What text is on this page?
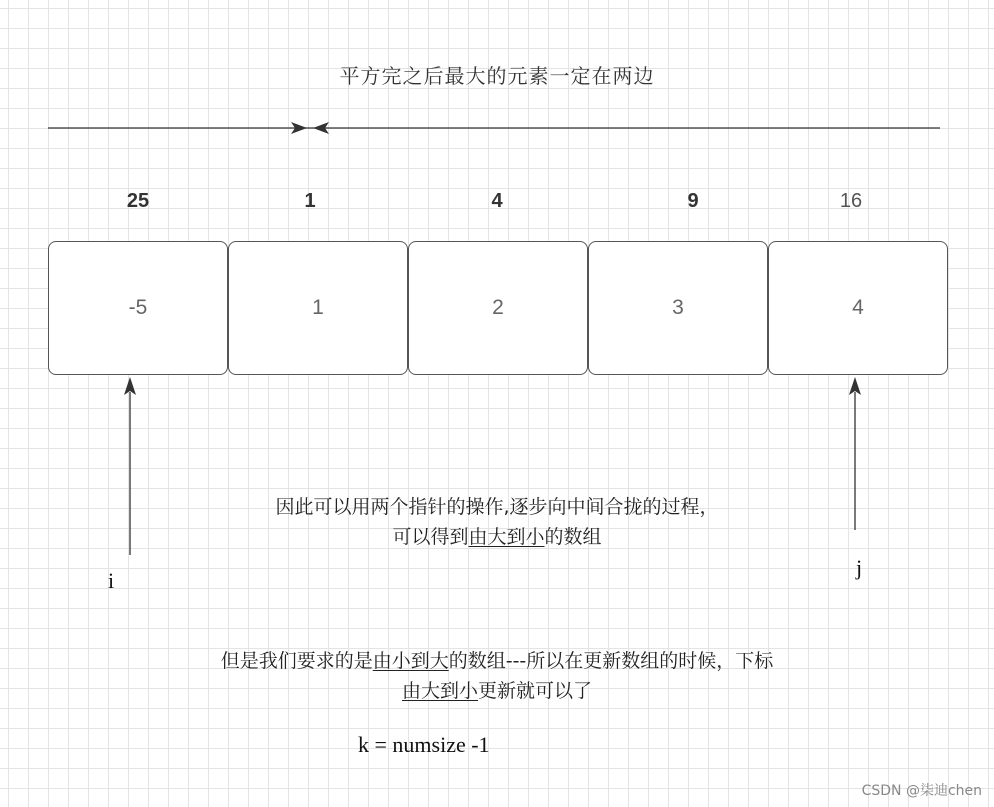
平方完之后最大的元素一定在两边
25	1	4	9	16
-5	1	2	3	4
i
j
因此可以用两个指针的操作,逐步向中间合拢的过程，
可以得到由大到小的数组
但是我们要求的是由小到大的数组---所以在更新数组的时候，下标
由大到小更新就可以了
k = numsize -1
CSDN @柒迪chen
